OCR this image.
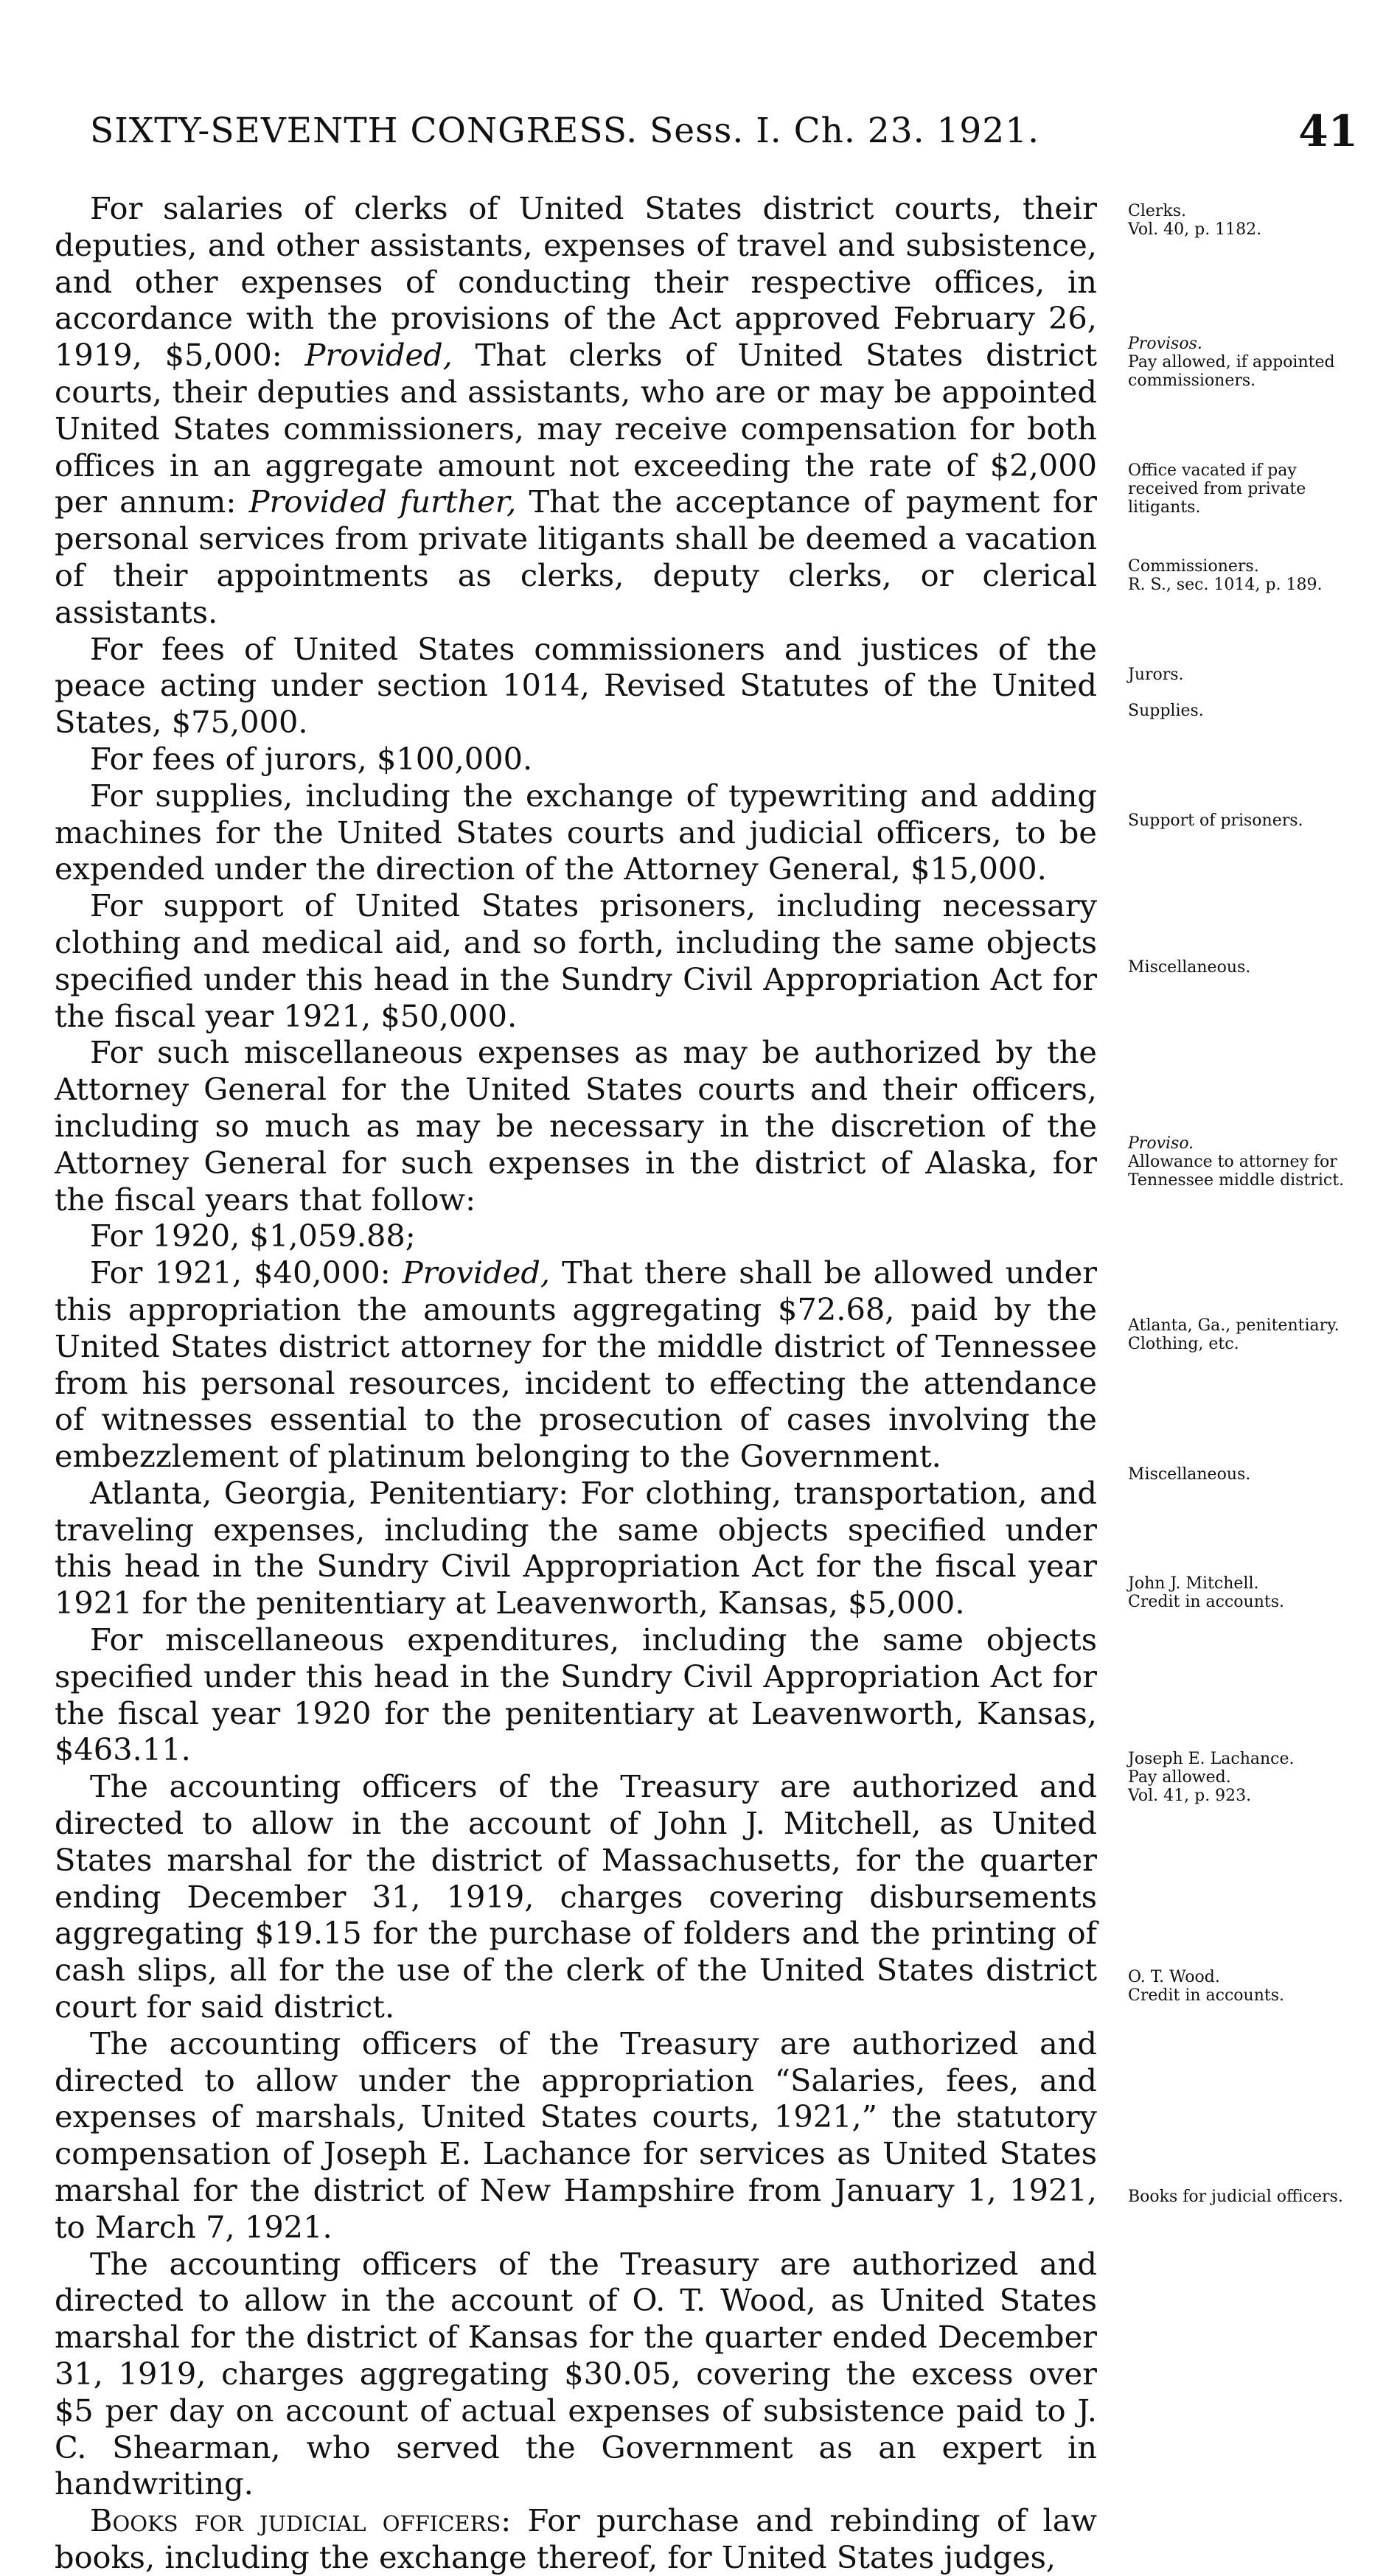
SIXTY-SEVENTH CONGRESS. Sess. I. Ch. 23. 1921.	41

For salaries of clerks of United States district courts, their deputies, and other assistants, expenses of travel and subsistence, and other expenses of conducting their respective offices, in accordance with the provisions of the Act approved February 26, 1919, $5,000: Provided, That clerks of United States district courts, their deputies and assistants, who are or may be appointed United States commissioners, may receive compensation for both offices in an aggregate amount not exceeding the rate of $2,000 per annum: Provided further, That the acceptance of payment for personal services from private litigants shall be deemed a vacation of their appointments as clerks, deputy clerks, or clerical assistants.

For fees of United States commissioners and justices of the peace acting under section 1014, Revised Statutes of the United States, $75,000.

For fees of jurors, $100,000.

For supplies, including the exchange of typewriting and adding machines for the United States courts and judicial officers, to be expended under the direction of the Attorney General, $15,000.

For support of United States prisoners, including necessary clothing and medical aid, and so forth, including the same objects specified under this head in the Sundry Civil Appropriation Act for the fiscal year 1921, $50,000.

For such miscellaneous expenses as may be authorized by the Attorney General for the United States courts and their officers, including so much as may be necessary in the discretion of the Attorney General for such expenses in the district of Alaska, for the fiscal years that follow:

For 1920, $1,059.88;

For 1921, $40,000: Provided, That there shall be allowed under this appropriation the amounts aggregating $72.68, paid by the United States district attorney for the middle district of Tennessee from his personal resources, incident to effecting the attendance of witnesses essential to the prosecution of cases involving the embezzlement of platinum belonging to the Government.

Atlanta, Georgia, Penitentiary: For clothing, transportation, and traveling expenses, including the same objects specified under this head in the Sundry Civil Appropriation Act for the fiscal year 1921 for the penitentiary at Leavenworth, Kansas, $5,000.

For miscellaneous expenditures, including the same objects specified under this head in the Sundry Civil Appropriation Act for the fiscal year 1920 for the penitentiary at Leavenworth, Kansas, $463.11.

The accounting officers of the Treasury are authorized and directed to allow in the account of John J. Mitchell, as United States marshal for the district of Massachusetts, for the quarter ending December 31, 1919, charges covering disbursements aggregating $19.15 for the purchase of folders and the printing of cash slips, all for the use of the clerk of the United States district court for said district.

The accounting officers of the Treasury are authorized and directed to allow under the appropriation “Salaries, fees, and expenses of marshals, United States courts, 1921,” the statutory compensation of Joseph E. Lachance for services as United States marshal for the district of New Hampshire from January 1, 1921, to March 7, 1921.

The accounting officers of the Treasury are authorized and directed to allow in the account of O. T. Wood, as United States marshal for the district of Kansas for the quarter ended December 31, 1919, charges aggregating $30.05, covering the excess over $5 per day on account of actual expenses of subsistence paid to J. C. Shearman, who served the Government as an expert in handwriting.

Books for judicial officers: For purchase and rebinding of law books, including the exchange thereof, for United States judges,

Clerks.
Vol. 40, p. 1182.
Provisos.
Pay allowed, if appointed commissioners.
Office vacated if pay received from private litigants.
Commissioners.
R. S., sec. 1014, p. 189.
Jurors.
Supplies.
Support of prisoners.
Miscellaneous.
Proviso.
Allowance to attorney for Tennessee middle district.
Atlanta, Ga., penitentiary.
Clothing, etc.
Miscellaneous.
John J. Mitchell.
Credit in accounts.
Joseph E. Lachance.
Pay allowed.
Vol. 41, p. 923.
O. T. Wood.
Credit in accounts.
Books for judicial officers.
